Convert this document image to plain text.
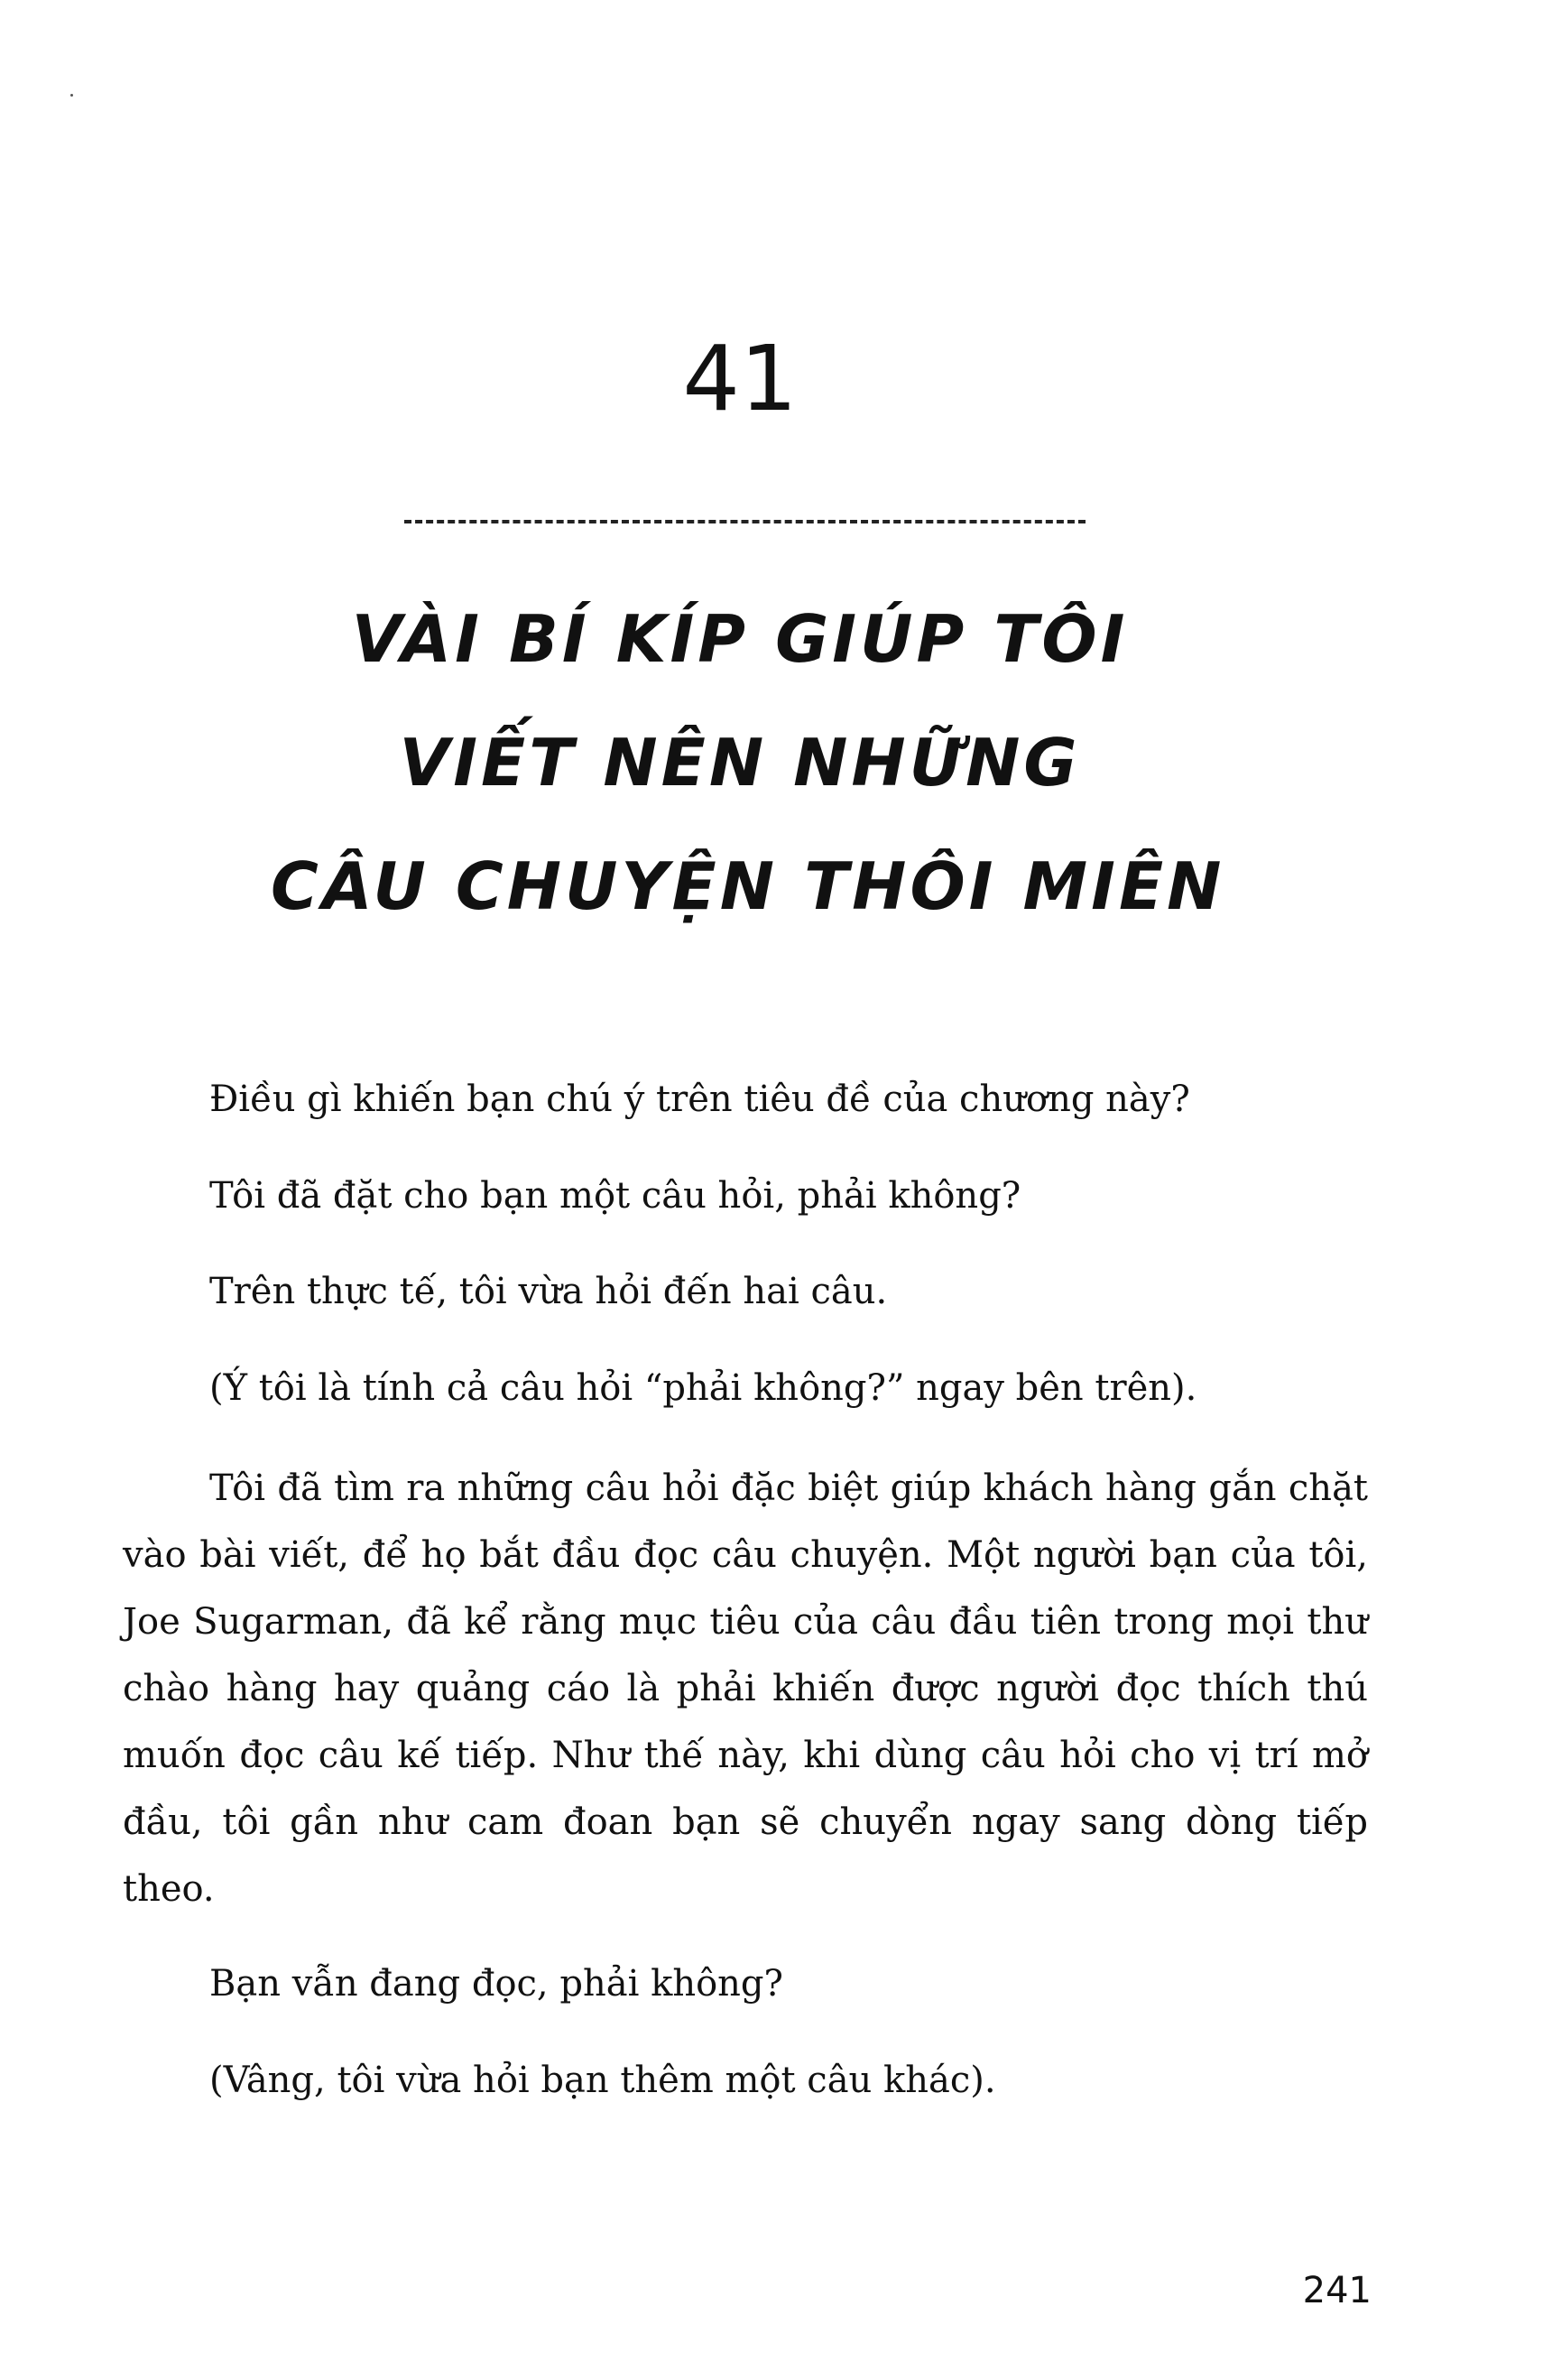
41
VÀI BÍ KÍP GIÚP TÔI
VIẾT NÊN NHỮNG
CÂU CHUYỆN THÔI MIÊN

Điều gì khiến bạn chú ý trên tiêu đề của chương này?

Tôi đã đặt cho bạn một câu hỏi, phải không?

Trên thực tế, tôi vừa hỏi đến hai câu.

(Ý tôi là tính cả câu hỏi “phải không?” ngay bên trên).

Tôi đã tìm ra những câu hỏi đặc biệt giúp khách hàng gắn chặt vào bài viết, để họ bắt đầu đọc câu chuyện. Một người bạn của tôi, Joe Sugarman, đã kể rằng mục tiêu của câu đầu tiên trong mọi thư chào hàng hay quảng cáo là phải khiến được người đọc thích thú muốn đọc câu kế tiếp. Như thế này, khi dùng câu hỏi cho vị trí mở đầu, tôi gần như cam đoan bạn sẽ chuyển ngay sang dòng tiếp theo.

Bạn vẫn đang đọc, phải không?

(Vâng, tôi vừa hỏi bạn thêm một câu khác).

241
